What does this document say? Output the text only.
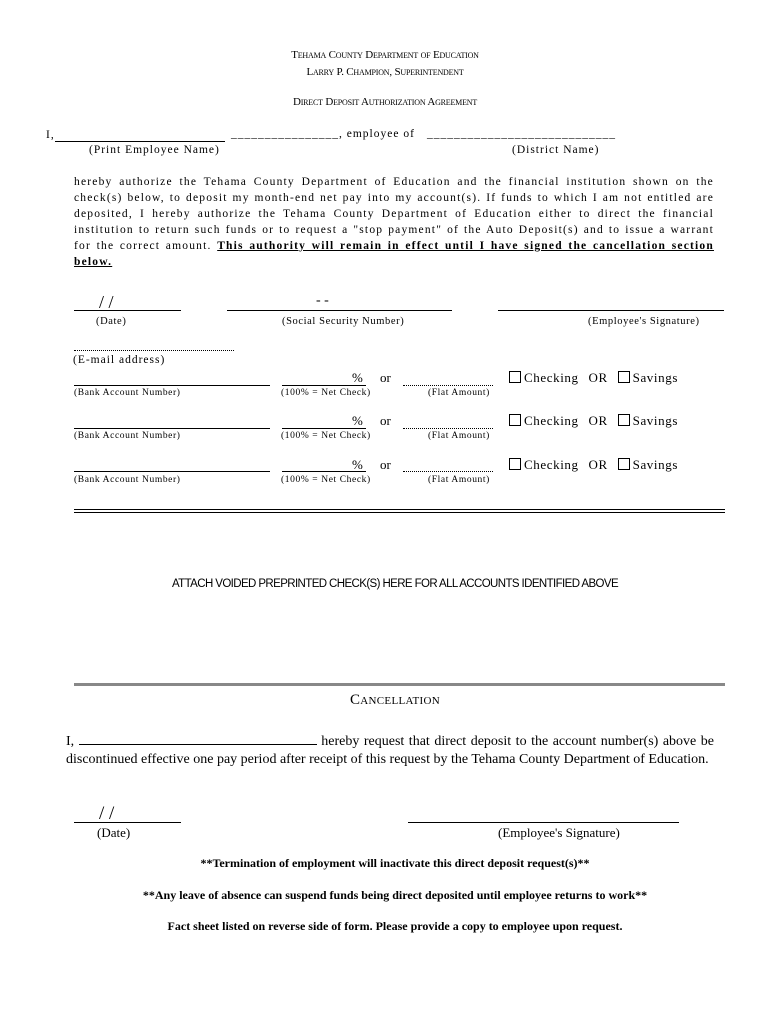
Tehama County Department of Education
Larry P. Champion, Superintendent
Direct Deposit Authorization Agreement
I,	________________ , employee of ____________________________
(Print Employee Name)	(District Name)
hereby authorize the Tehama County Department of Education and the financial institution shown on the check(s) below, to deposit my month-end net pay into my account(s). If funds to which I am not entitled are deposited, I hereby authorize the Tehama County Department of Education either to direct the financial institution to return such funds or to request a "stop payment" of the Auto Deposit(s) and to issue a warrant for the correct amount. This authority will remain in effect until I have signed the cancellation section below.
/ /	- -
(Date)	(Social Security Number)	(Employee's Signature)
(E-mail address)
% or	Checking OR Savings
(Bank Account Number)	(100% = Net Check)	(Flat Amount)
% or	Checking OR Savings
(Bank Account Number)	(100% = Net Check)	(Flat Amount)
% or	Checking OR Savings
(Bank Account Number)	(100% = Net Check)	(Flat Amount)
ATTACH VOIDED PREPRINTED CHECK(S) HERE FOR ALL ACCOUNTS IDENTIFIED ABOVE
Cancellation
I,	hereby request that direct deposit to the account number(s) above be discontinued effective one pay period after receipt of this request by the Tehama County Department of Education.
/ /
(Date)	(Employee's Signature)
**Termination of employment will inactivate this direct deposit request(s)**
**Any leave of absence can suspend funds being direct deposited until employee returns to work**
Fact sheet listed on reverse side of form. Please provide a copy to employee upon request.
